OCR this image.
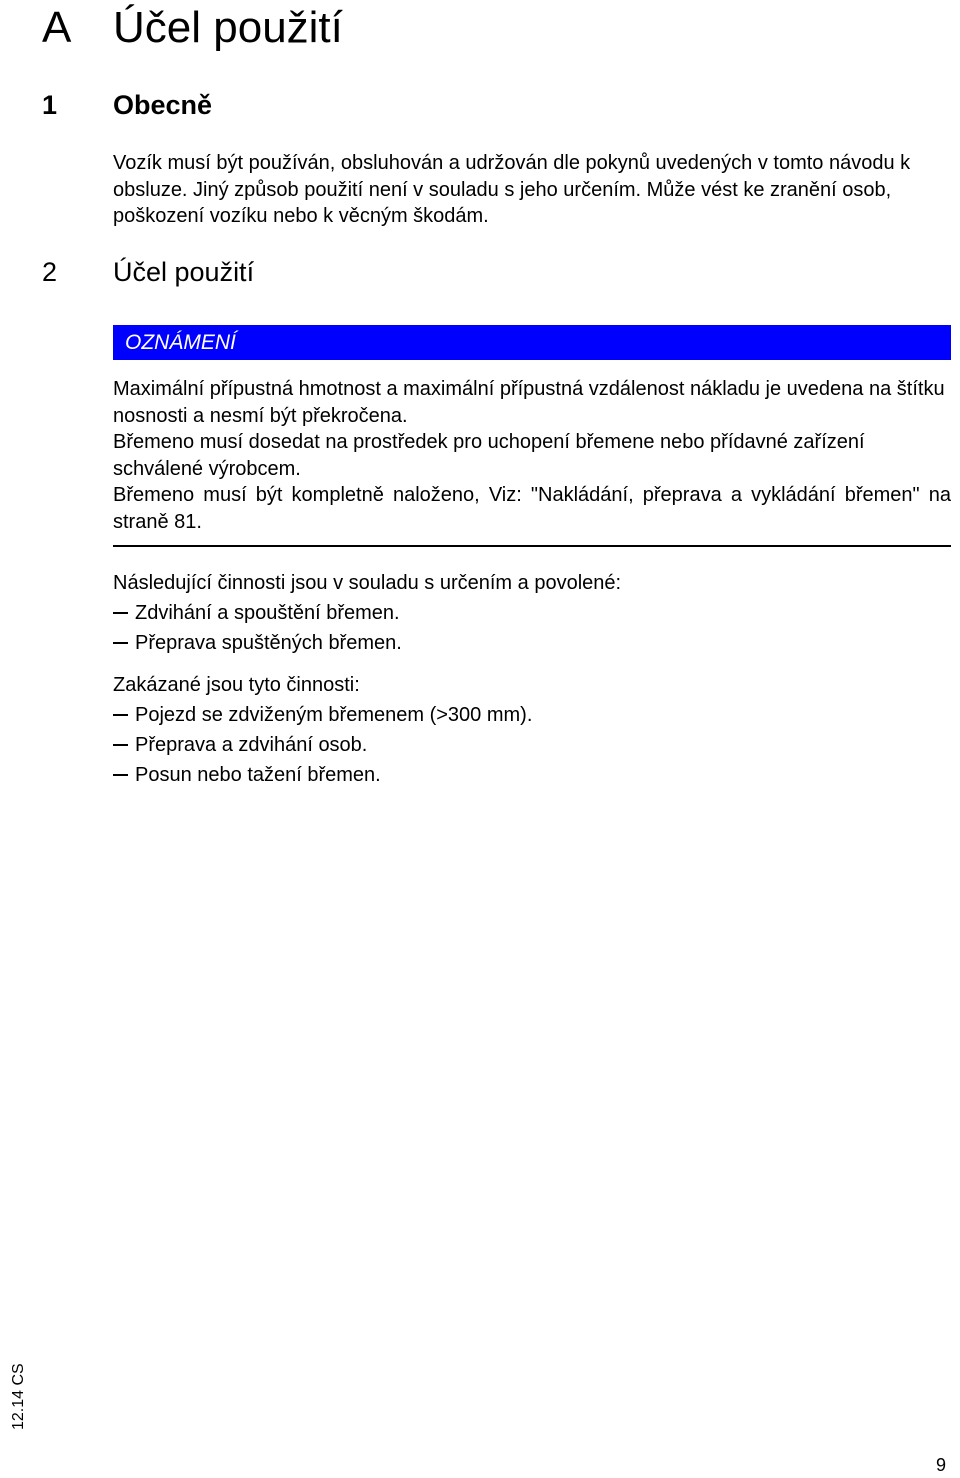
A Účel použití
1 Obecně

Vozík musí být používán, obsluhován a udržován dle pokynů uvedených v tomto návodu k obsluze. Jiný způsob použití není v souladu s jeho určením. Může vést ke zranění osob, poškození vozíku nebo k věcným škodám.

2 Účel použití
OZNÁMENÍ

Maximální přípustná hmotnost a maximální přípustná vzdálenost nákladu je uvedena na štítku nosnosti a nesmí být překročena.

Břemeno musí dosedat na prostředek pro uchopení břemene nebo přídavné zařízení schválené výrobcem.

Břemeno musí být kompletně naloženo, Viz: "Nakládání, přeprava a vykládání břemen" na straně 81.

Následující činnosti jsou v souladu s určením a povolené:

Zdvihání a spouštění břemen.
Přeprava spuštěných břemen.

Zakázané jsou tyto činnosti:

Pojezd se zdviženým břemenem (>300 mm).
Přeprava a zdvihání osob.
Posun nebo tažení břemen.
12.14 CS
9
